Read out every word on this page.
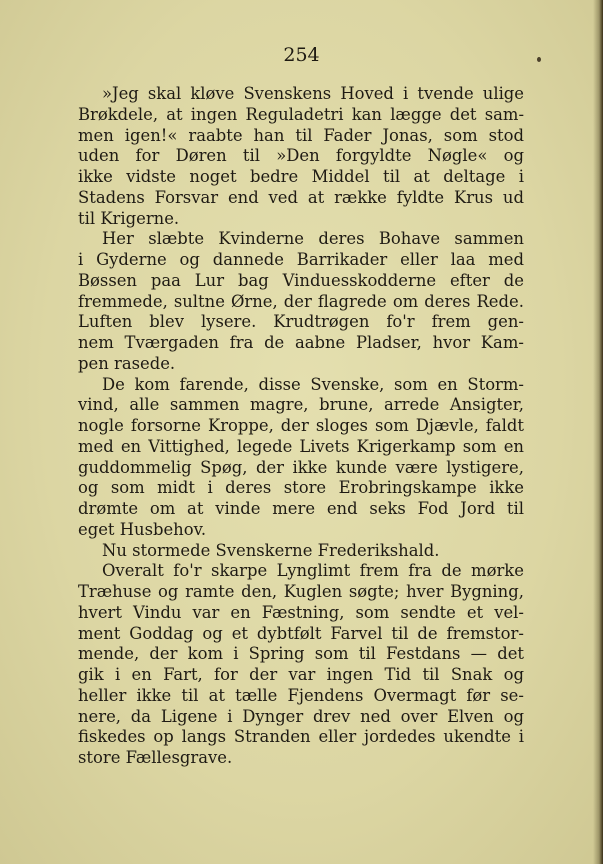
254
»Jeg skal kløve Svenskens Hoved i tvende ulige
Brøkdele, at ingen Reguladetri kan lægge det sam-
men igen!« raabte han til Fader Jonas, som stod
uden for Døren til »Den forgyldte Nøgle« og
ikke vidste noget bedre Middel til at deltage i
Stadens Forsvar end ved at række fyldte Krus ud
til Krigerne.
Her slæbte Kvinderne deres Bohave sammen
i Gyderne og dannede Barrikader eller laa med
Bøssen paa Lur bag Vinduesskodderne efter de
fremmede, sultne Ørne, der flagrede om deres Rede.
Luften blev lysere. Krudtrøgen fo'r frem gen-
nem Tværgaden fra de aabne Pladser, hvor Kam-
pen rasede.
De kom farende, disse Svenske, som en Storm-
vind, alle sammen magre, brune, arrede Ansigter,
nogle forsorne Kroppe, der sloges som Djævle, faldt
med en Vittighed, legede Livets Krigerkamp som en
guddommelig Spøg, der ikke kunde være lystigere,
og som midt i deres store Erobringskampe ikke
drømte om at vinde mere end seks Fod Jord til
eget Husbehov.
Nu stormede Svenskerne Frederikshald.
Overalt fo'r skarpe Lynglimt frem fra de mørke
Træhuse og ramte den, Kuglen søgte; hver Bygning,
hvert Vindu var en Fæstning, som sendte et vel-
ment Goddag og et dybtfølt Farvel til de fremstor-
mende, der kom i Spring som til Festdans — det
gik i en Fart, for der var ingen Tid til Snak og
heller ikke til at tælle Fjendens Overmagt før se-
nere, da Ligene i Dynger drev ned over Elven og
fiskedes op langs Stranden eller jordedes ukendte i
store Fællesgrave.
